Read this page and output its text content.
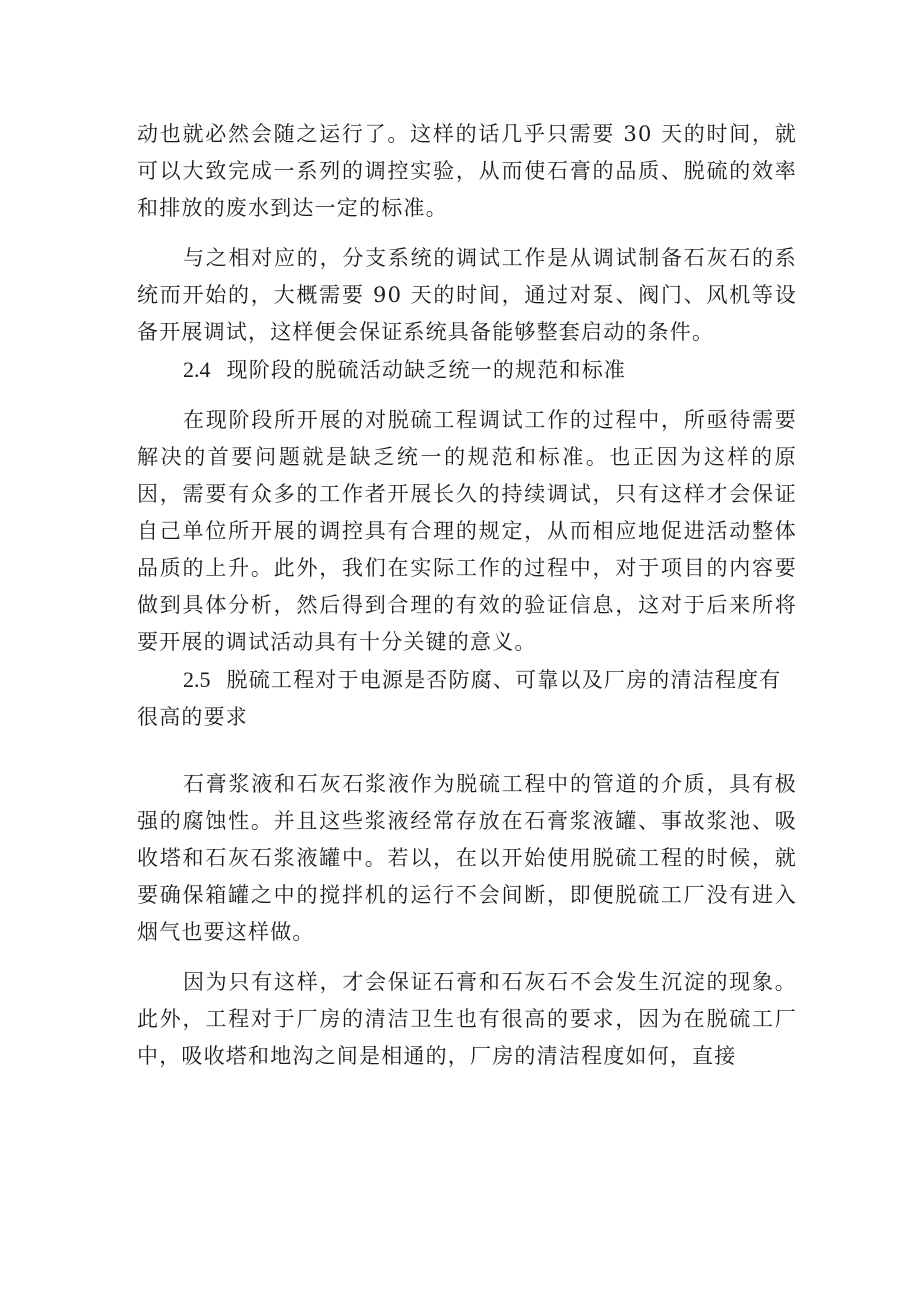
动也就必然会随之运行了。这样的话几乎只需要 30 天的时间，就可以大致完成一系列的调控实验，从而使石膏的品质、脱硫的效率和排放的废水到达一定的标准。

与之相对应的，分支系统的调试工作是从调试制备石灰石的系统而开始的，大概需要 90 天的时间，通过对泵、阀门、风机等设备开展调试，这样便会保证系统具备能够整套启动的条件。

2.4 现阶段的脱硫活动缺乏统一的规范和标准

在现阶段所开展的对脱硫工程调试工作的过程中，所亟待需要解决的首要问题就是缺乏统一的规范和标准。也正因为这样的原因，需要有众多的工作者开展长久的持续调试，只有这样才会保证自己单位所开展的调控具有合理的规定，从而相应地促进活动整体品质的上升。此外，我们在实际工作的过程中，对于项目的内容要做到具体分析，然后得到合理的有效的验证信息，这对于后来所将要开展的调试活动具有十分关键的意义。

2.5 脱硫工程对于电源是否防腐、可靠以及厂房的清洁程度有很高的要求

石膏浆液和石灰石浆液作为脱硫工程中的管道的介质，具有极强的腐蚀性。并且这些浆液经常存放在石膏浆液罐、事故浆池、吸收塔和石灰石浆液罐中。若以，在以开始使用脱硫工程的时候，就要确保箱罐之中的搅拌机的运行不会间断，即便脱硫工厂没有进入烟气也要这样做。

因为只有这样，才会保证石膏和石灰石不会发生沉淀的现象。此外，工程对于厂房的清洁卫生也有很高的要求，因为在脱硫工厂中，吸收塔和地沟之间是相通的，厂房的清洁程度如何，直接
